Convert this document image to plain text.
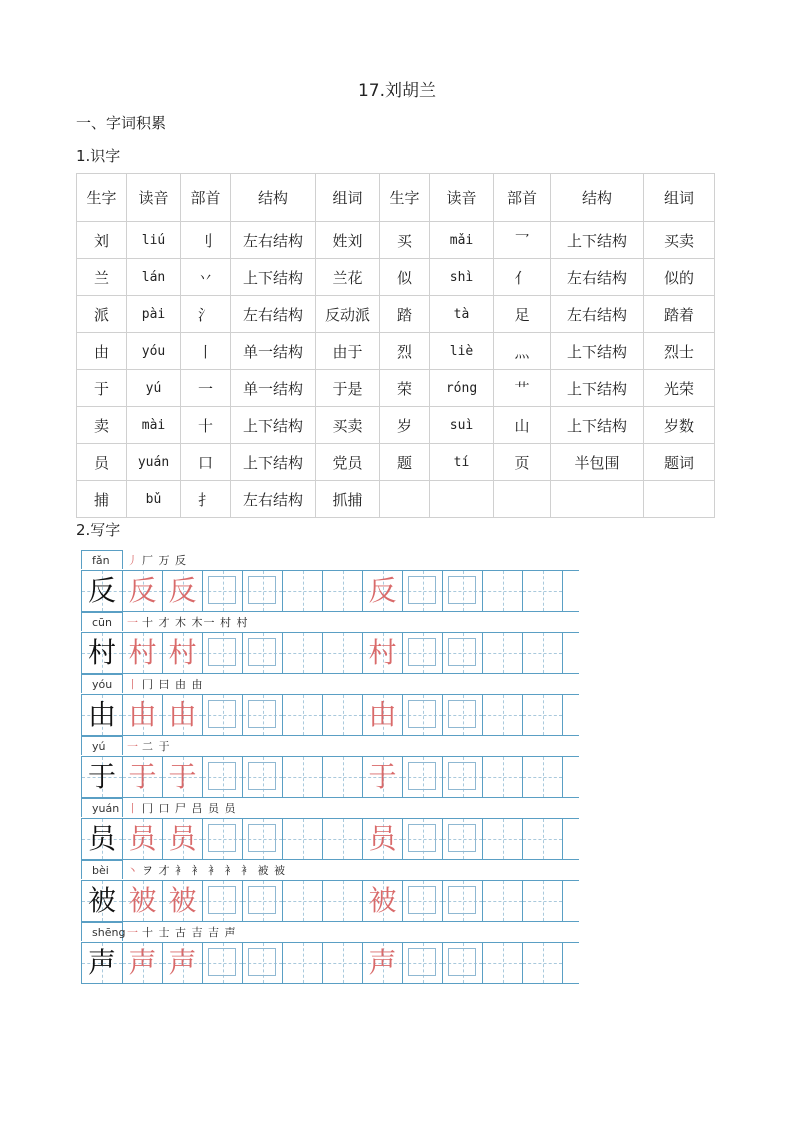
17.刘胡兰
一、字词积累
1.识字
生字	读音	部首	结构	组词	生字	读音	部首	结构	组词
刘	liú	刂	左右结构	姓刘	买	mǎi	乛	上下结构	买卖
兰	lán	丷	上下结构	兰花	似	shì	亻	左右结构	似的
派	pài	氵	左右结构	反动派	踏	tà	足	左右结构	踏着
由	yóu	丨	单一结构	由于	烈	liè	灬	上下结构	烈士
于	yú	一	单一结构	于是	荣	róng	艹	上下结构	光荣
卖	mài	十	上下结构	买卖	岁	suì	山	上下结构	岁数
员	yuán	口	上下结构	党员	题	tí	页	半包围	题词
捕	bǔ	扌	左右结构	抓捕					
2.写字
fǎn	丿 厂 万 反
反 反 反	反
cūn	一 十 才 木 木一 村 村
村 村 村	村
yóu	丨 冂 曰 由 由
由 由 由	由
yú	一 二 于
于 于 于	于
yuán 丨 冂 口 尸 吕 员 员
员 员 员	员
bèi	丶 ヲ 才 衤 衤 衤 衤 衤 被 被
被 被 被	被
shēng 一 十 士 古 吉 吉 声
声 声 声	声
